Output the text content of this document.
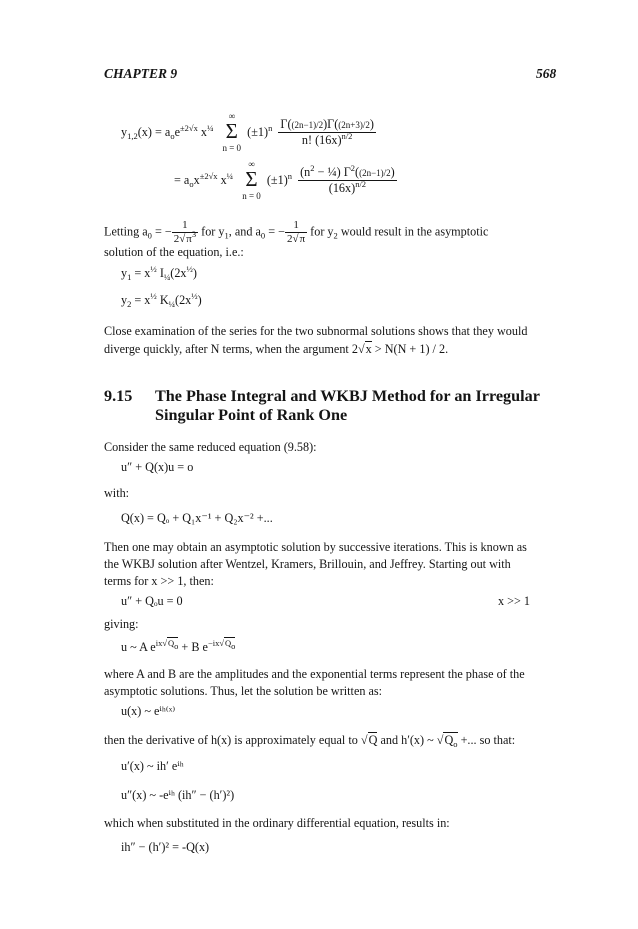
CHAPTER 9	568
$y_{1,2}(x) = a_oe^{\pm 2√x}$ $x^{\frac{1}{4}}$
∞
Σ
n = 0
$(\pm 1)^n \frac{\Gamma((2n-1)/2)\Gamma((2n+3)/2)}{n! (16x)^{n/2}}$
= $a_ox^{\pm 2√x}$ $x^{\frac{1}{4}}$
∞
Σ
n = 0
$(\pm 1)^n \frac{(n^2 - \frac{1}{4}) \Gamma^2((2n-1)/2)}{(16x)^{n/2}}$
Letting $a_0$ = − $\frac{1}{2√\pi^3}$ for $y_1$, and $a_0$ = − $\frac{1}{2√\pi}$ for $y_2$ would result in the asymptotic
solution of the equation, i.e.:
$y_1 = x^{\frac{1}{2}}$ $I_{\frac{1}{4}}(2x^{\frac{1}{2}})$
$y_2 = x^{\frac{1}{2}}$ $K_{\frac{1}{4}}(2x^{\frac{1}{2}})$
Close examination of the series for the two subnormal solutions shows that they would
diverge quickly, after N terms, when the argument 2√x > N(N + 1) / 2.
9.15 The Phase Integral and WKBJ Method for an Irregular
Singular Point of Rank One
Consider the same reduced equation (9.58):
u″ + Q(x)u = o
with:
Q(x) = Qₒ + Q₁x⁻¹ + Q₂x⁻² +...
Then one may obtain an asymptotic solution by successive iterations. This is known as
the WKBJ solution after Wentzel, Kramers, Brillouin, and Jeffrey. Starting out with
terms for x >> 1, then:
u″ + Qₒu = 0	x >> 1
giving:
u ~ A $e^{ix√Q_o} + B$ $e^{-ix√Q_o}$
where A and B are the amplitudes and the exponential terms represent the phase of the
asymptotic solutions. Thus, let the solution be written as:
u(x) ~ eⁱʰ⁽ˣ⁾
then the derivative of h(x) is approximately equal to √Q and h′(x) ~ $√Q_o$ +... so that:
u′(x) ~ ih′ eⁱʰ
u″(x) ~ -eⁱʰ (ih″ − (h′)²)
which when substituted in the ordinary differential equation, results in:
ih″ − (h′)² = -Q(x)
